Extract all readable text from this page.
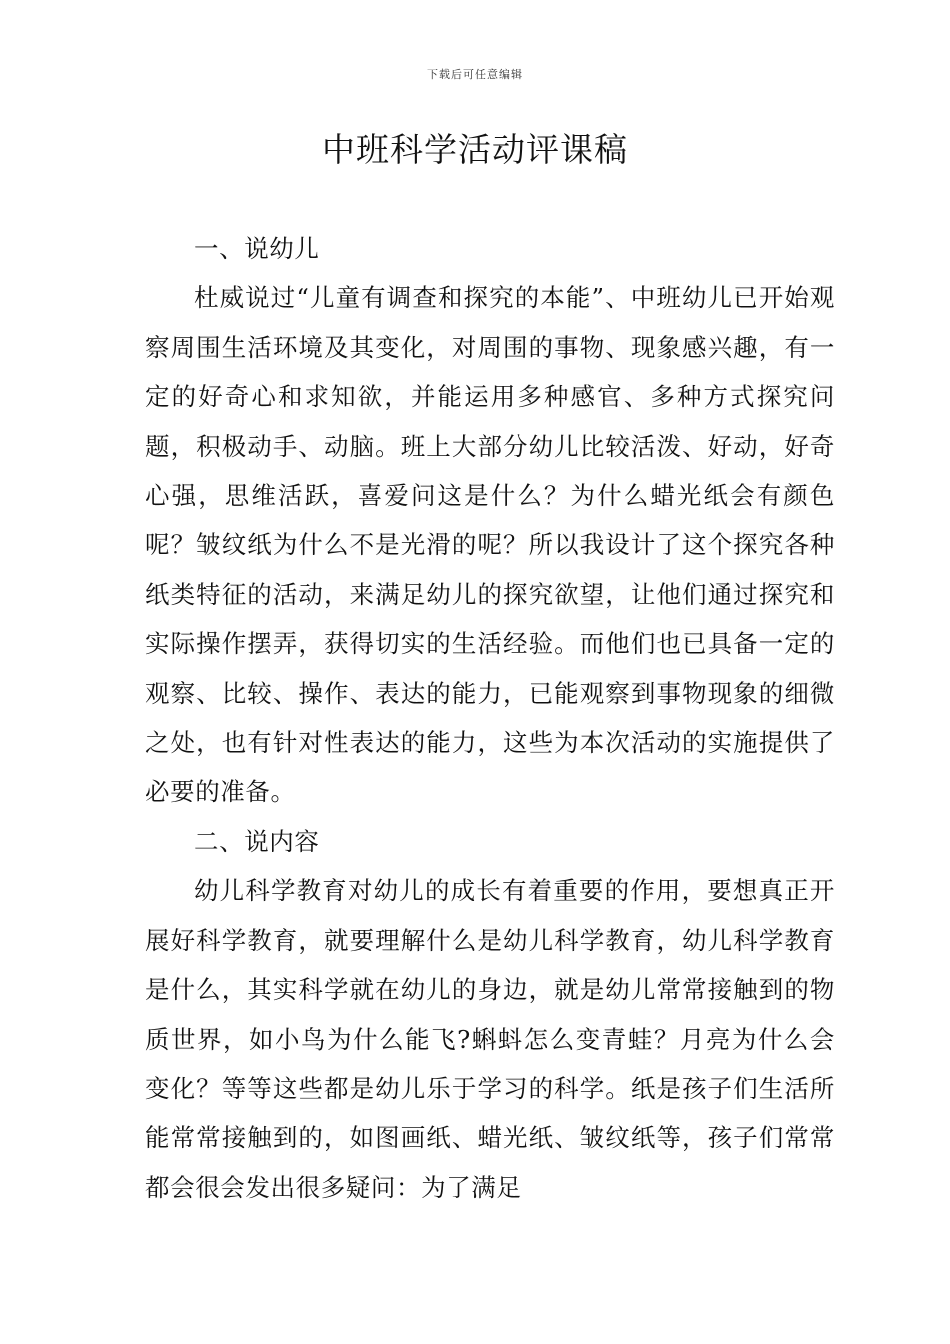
下载后可任意编辑
中班科学活动评课稿

一、说幼儿

杜威说过“儿童有调查和探究的本能”、中班幼儿已开始观察周围生活环境及其变化，对周围的事物、现象感兴趣，有一定的好奇心和求知欲，并能运用多种感官、多种方式探究问题，积极动手、动脑。班上大部分幼儿比较活泼、好动，好奇心强，思维活跃，喜爱问这是什么？为什么蜡光纸会有颜色呢？皱纹纸为什么不是光滑的呢？所以我设计了这个探究各种纸类特征的活动，来满足幼儿的探究欲望，让他们通过探究和实际操作摆弄，获得切实的生活经验。而他们也已具备一定的观察、比较、操作、表达的能力，已能观察到事物现象的细微之处，也有针对性表达的能力，这些为本次活动的实施提供了必要的准备。

二、说内容

幼儿科学教育对幼儿的成长有着重要的作用，要想真正开展好科学教育，就要理解什么是幼儿科学教育，幼儿科学教育是什么，其实科学就在幼儿的身边，就是幼儿常常接触到的物质世界，如小鸟为什么能飞?蝌蚪怎么变青蛙？月亮为什么会变化？等等这些都是幼儿乐于学习的科学。纸是孩子们生活所能常常接触到的，如图画纸、蜡光纸、皱纹纸等，孩子们常常都会很会发出很多疑问：为了满足
